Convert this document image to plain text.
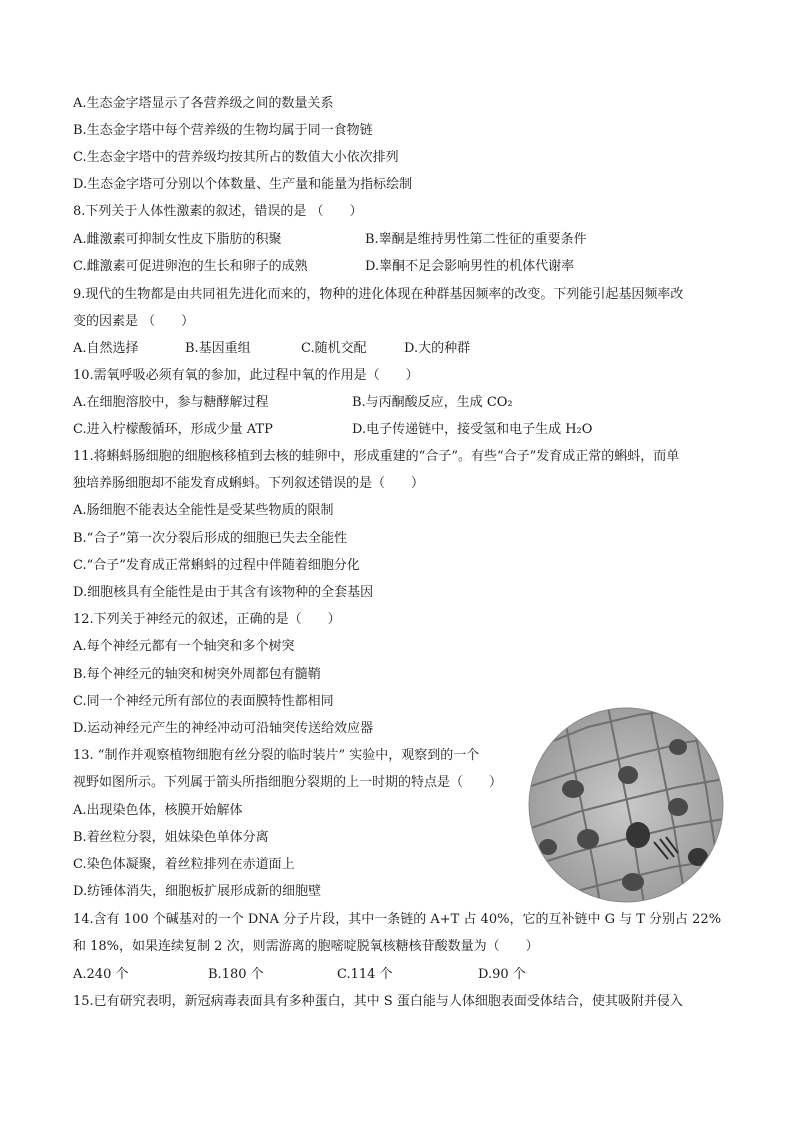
A.生态金字塔显示了各营养级之间的数量关系
B.生态金字塔中每个营养级的生物均属于同一食物链
C.生态金字塔中的营养级均按其所占的数值大小依次排列
D.生态金字塔可分别以个体数量、生产量和能量为指标绘制
8.下列关于人体性激素的叙述，错误的是 （　　）
A.雌激素可抑制女性皮下脂肪的积聚	B.睾酮是维持男性第二性征的重要条件
C.雌激素可促进卵泡的生长和卵子的成熟	D.睾酮不足会影响男性的机体代谢率
9.现代的生物都是由共同祖先进化而来的，物种的进化体现在种群基因频率的改变。下列能引起基因频率改
变的因素是 （　　）
A.自然选择	B.基因重组	C.随机交配	D.大的种群
10.需氧呼吸必须有氧的参加，此过程中氧的作用是（　　）
A.在细胞溶胶中，参与糖酵解过程	B.与丙酮酸反应，生成 CO₂
C.进入柠檬酸循环，形成少量 ATP	D.电子传递链中，接受氢和电子生成 H₂O
11.将蝌蚪肠细胞的细胞核移植到去核的蛙卵中，形成重建的“合子”。有些“合子”发育成正常的蝌蚪，而单
独培养肠细胞却不能发育成蝌蚪。下列叙述错误的是（　　）
A.肠细胞不能表达全能性是受某些物质的限制
B.“合子”第一次分裂后形成的细胞已失去全能性
C.“合子”发育成正常蝌蚪的过程中伴随着细胞分化
D.细胞核具有全能性是由于其含有该物种的全套基因
12.下列关于神经元的叙述，正确的是（　　）
A.每个神经元都有一个轴突和多个树突
B.每个神经元的轴突和树突外周都包有髓鞘
C.同一个神经元所有部位的表面膜特性都相同
D.运动神经元产生的神经冲动可沿轴突传送给效应器
13. “制作并观察植物细胞有丝分裂的临时装片” 实验中，观察到的一个
视野如图所示。下列属于箭头所指细胞分裂期的上一时期的特点是（　　）
A.出现染色体，核膜开始解体
B.着丝粒分裂，姐妹染色单体分离
C.染色体凝聚，着丝粒排列在赤道面上
D.纺锤体消失，细胞板扩展形成新的细胞壁
14.含有 100 个碱基对的一个 DNA 分子片段，其中一条链的 A+T 占 40%，它的互补链中 G 与 T 分别占 22%
和 18%，如果连续复制 2 次，则需游离的胞嘧啶脱氧核糖核苷酸数量为（　　）
A.240 个	B.180 个	C.114 个	D.90 个
15.已有研究表明，新冠病毒表面具有多种蛋白，其中 S 蛋白能与人体细胞表面受体结合，使其吸附并侵入
